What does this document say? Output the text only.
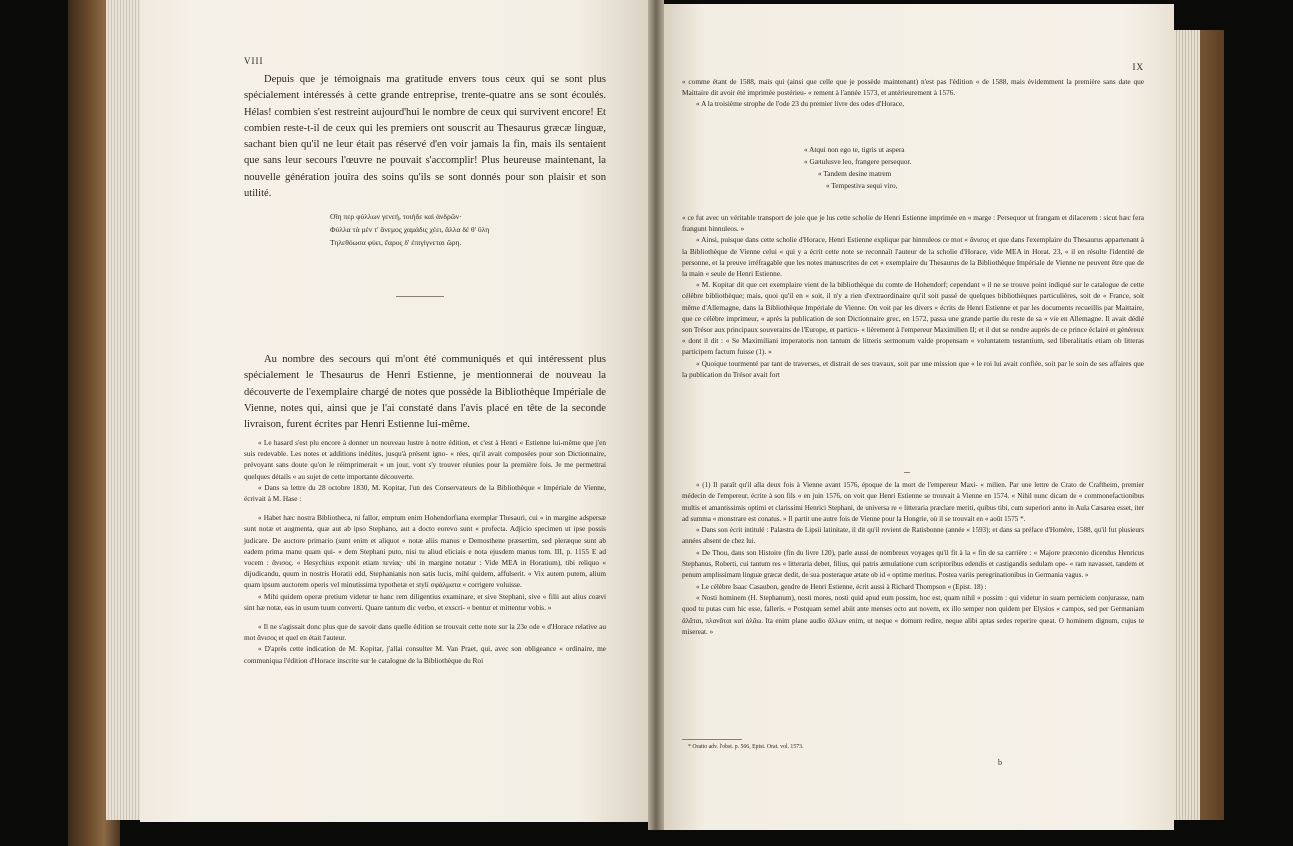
VIII

Depuis que je témoignais ma gratitude envers tous ceux qui se sont plus spécialement intéressés à cette grande entreprise, trente-quatre ans se sont écoulés. Hélas! combien s'est restreint aujourd'hui le nombre de ceux qui survivent encore! Et combien reste-t-il de ceux qui les premiers ont souscrit au Thesaurus græcæ linguæ, sachant bien qu'il ne leur était pas réservé d'en voir jamais la fin, mais ils sentaient que sans leur secours l'œuvre ne pouvait s'accomplir! Plus heureuse maintenant, la nouvelle génération jouira des soins qu'ils se sont donnés pour son plaisir et son utilité.

Οἵη περ φύλλων γενεή, τοιήδε καὶ ἀνδρῶν·
Φύλλα τὰ μέν τ' ἄνεμος χαμάδις χέει, ἄλλα δέ θ' ὕλη
Τηλεθόωσα φύει, ἔαρος δ' ἐπιγίγνεται ὥρη.

Au nombre des secours qui m'ont été communiqués et qui intéressent plus spécialement le Thesaurus de Henri Estienne, je mentionnerai de nouveau la découverte de l'exemplaire chargé de notes que possède la Bibliothèque Impériale de Vienne, notes qui, ainsi que je l'ai constaté dans l'avis placé en tête de la seconde livraison, furent écrites par Henri Estienne lui-même.

« Le hasard s'est plu encore à donner un nouveau lustre à notre édition, et c'est à Henri « Estienne lui-même que j'en suis redevable. Les notes et additions inédites, jusqu'à présent igno- « rées, qu'il avait composées pour son Dictionnaire, prévoyant sans doute qu'on le réimprimerait « un jour, vont s'y trouver réunies pour la première fois. Je me permettrai quelques détails « au sujet de cette importante découverte.

« Dans sa lettre du 28 octobre 1830, M. Kopitar, l'un des Conservateurs de la Bibliothèque « Impériale de Vienne, écrivait à M. Hase :

« Habet hæc nostra Bibliotheca, ni fallor, emptum enim Hohendorfiana exemplar Thesauri, cui « in margine adspersæ sunt notæ et augmenta, quæ aut ab ipso Stephano, aut a docto eorevo sunt « profecta. Adjicio specimen ut ipse possis judicare. De auctore primario (sunt enim et aliquot « notæ aliis manus e Demosthene præsertim, sed pleræque sunt ab eadem prima manu quam qui- « dem Stephani puto, nisi tu aliud eliciais e nota ejusdem manus tom. III, p. 1155 E ad vocem : ἄνισος. « Hesychius exponit etiam πενίας· ubi in margine notatur : Vide MEA in Horatium), tibi reliquo « dijudicandu, quum in nostris Horatii edd, Stephanianis non satis lucis, mihi quidem, affulserit. « Vix autem putem, alium quam ipsum auctorem operis vel minutissima typothetæ et styli σφάλματα « corrigere voluisse.

« Mihi quidem operæ pretium videtur te hanc rem diligentius examinare, et sive Stephani, sive « filii aut alius coævi sint hæ notæ, eas in usum tuum converti. Quare tantum dic verbo, et exscri- « bentur et mittentur vobis. »

« Il ne s'agissait donc plus que de savoir dans quelle édition se trouvait cette note sur la 23e ode « d'Horace relative au mot ἄνισος et quel en était l'auteur.

« D'après cette indication de M. Kopitar, j'allai consulter M. Van Praet, qui, avec son obligeance « ordinaire, me communiqua l'édition d'Horace inscrite sur le catalogue de la Bibliothèque du Roi

IX

« comme étant de 1588, mais qui (ainsi que celle que je possède maintenant) n'est pas l'édition « de 1588, mais évidemment la première sans date que Maittaire dit avoir été imprimée postérieu- « rement à l'année 1573, et antérieurement à 1576.

« A la troisième strophe de l'ode 23 du premier livre des odes d'Horace,

« Atqui non ego te, tigris ut aspera
« Gætulusve leo, frangere persequor.
« Tandem desine matrem
« Tempestiva sequi viro,

« ce fut avec un véritable transport de joie que je lus cette scholie de Henri Estienne imprimée en « marge : Persequor ut frangam et dilacerem : sicut hæc fera frangunt hinnuleos. »

« Ainsi, puisque dans cette scholie d'Horace, Henri Estienne explique par hinnuleos ce mot « ἄνισος et que dans l'exemplaire du Thesaurus appartenant à la Bibliothèque de Vienne celui « qui y a écrit cette note se reconnaît l'auteur de la scholie d'Horace, vide MEA in Horat. 23, « il en résulte l'identité de personne, et la preuve irréfragable que les notes manuscrites de cet « exemplaire du Thesaurus de la Bibliothèque Impériale de Vienne ne peuvent être que de la main « seule de Henri Estienne.

« M. Kopitar dit que cet exemplaire vient de la bibliothèque du comte de Hohendorf; cependant « il ne se trouve point indiqué sur le catalogue de cette célèbre bibliothèque; mais, quoi qu'il en « soit, il n'y a rien d'extraordinaire qu'il soit passé de quelques bibliothèques particulières, soit de « France, soit même d'Allemagne, dans la Bibliothèque Impériale de Vienne. On voit par les divers « écrits de Henri Estienne et par les documents recueillis par Maittaire, que ce célèbre imprimeur, « après la publication de son Dictionnaire grec, en 1572, passa une grande partie du reste de sa « vie en Allemagne. Il avait dédié son Trésor aux principaux souverains de l'Europe, et particu- « lièrement à l'empereur Maximilien II; et il dut se rendre auprès de ce prince éclairé et généreux « dont il dit : « Se Maximiliani imperatoris non tantum de litteris sermonum valde propensam « voluntatem testantium, sed liberalitatis etiam ob litteras participem factum fuisse (1). »

« Quoique tourmenté par tant de traverses, et distrait de ses travaux, soit par une mission que « le roi lui avait confiée, soit par le soin de ses affaires que la publication du Trésor avait fort

« (1) Il paraît qu'il alla deux fois à Vienne avant 1576, époque de la mort de l'empereur Maxi- « milien. Par une lettre de Crato de Craftheim, premier médecin de l'empereur, écrite à son fils « en juin 1576, on voit que Henri Estienne se trouvait à Vienne en 1574. « Nihil nunc dicam de « commonefactionibus multis et amantissimis optimi et clarissimi Henrici Stephani, de universa re « litteraria præclare meriti, quibus tibi, cum superiori anno in Aula Cæsarea esset, iter ad summa « monstrare est conatus. » Il partit une autre fois de Vienne pour la Hongrie, où il se trouvait en « août 1575 *.

« Dans son écrit intitulé : Palæstra de Lipsii latinitate, il dit qu'il revient de Ratisbonne (année « 1593); et dans sa préface d'Homère, 1588, qu'il fut plusieurs années absent de chez lui.

« De Thou, dans son Histoire (fin du livre 120), parle aussi de nombreux voyages qu'il fit à la « fin de sa carrière : « Majore præconio dicendus Henricus Stephanus, Roberti, cui tantum res « litteraria debet, filius, qui patris æmulatione cum scriptoribus edendis et castigandis sedulam ope- « ram navasset, tandem et penum amplissimam linguæ græcæ dedit, de sua posteraque ætate ob id « optime meritus. Postea variis peregrinationibus in Germania vagus. »

« Le célèbre Isaac Casaubon, gendre de Henri Estienne, écrit aussi à Richard Thompson « (Epist. 18) :

« Nosti hominem (H. Stephanum), nosti mores, nosti quid apud eum possim, hoc est, quam nihil « possim : qui videtur in suam perniciem conjurasse, nam quod tu putas cum hic esse, falleris. « Postquam semel abiit ante menses octo aut novem, ex illo semper non quidem per Elysios « campos, sed per Germaniam ἄλᾶται, πλανᾶται καὶ ἀλᾶω. Ita enim plane audio ἄλλων enim, ut neque « domum redire, neque alibi aptas sedes reperire queat. O hominem dignum, cujus te misereat. »

* Oratio adv. l'obst. p. 566, Epist. Orat. vol. 1573.

b
